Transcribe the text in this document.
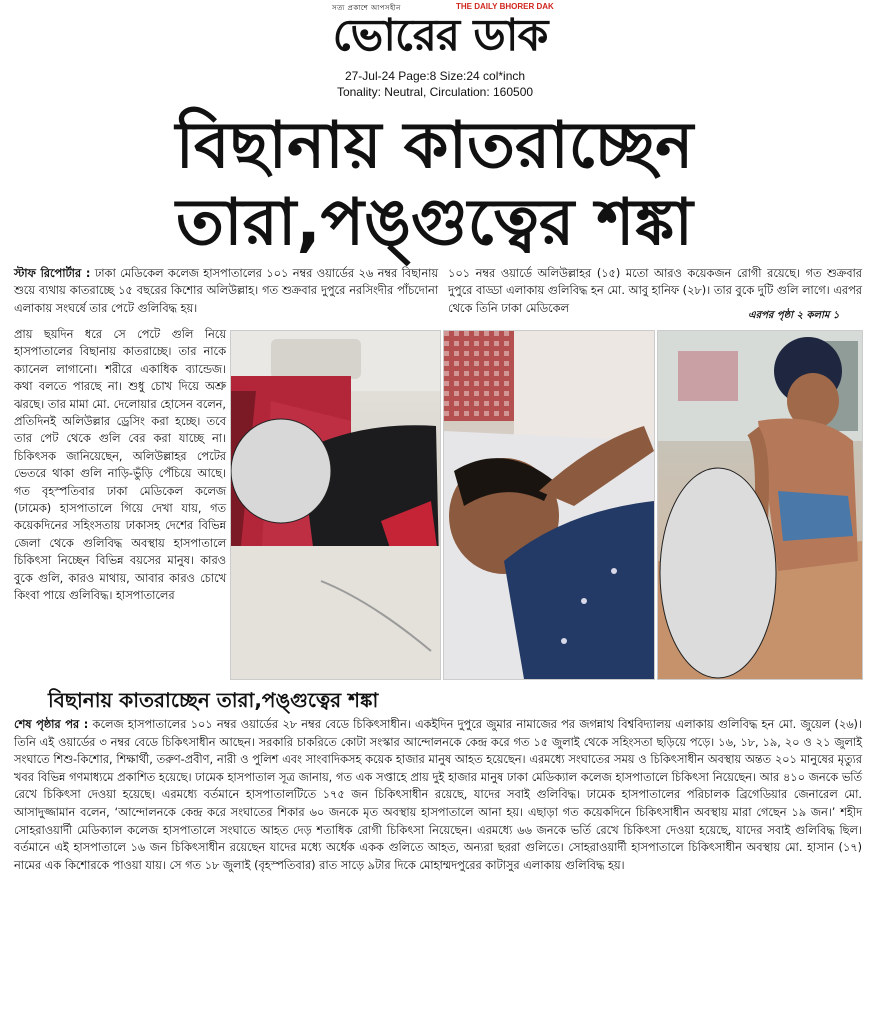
সত্য প্রকাশে আপসহীন	THE DAILY BHORER DAK
ভোরের ডাক
27-Jul-24 Page:8 Size:24 col*inch
Tonality: Neutral, Circulation: 160500
বিছানায় কাতরাচ্ছেন
তারা,পঙ্গুত্বের শঙ্কা
স্টাফ রিপোর্টার : ঢাকা মেডিকেল কলেজ হাসপাতালের ১০১ নম্বর ওয়ার্ডের ২৬ নম্বর বিছানায় শুয়ে ব্যথায় কাতরাচ্ছে ১৫ বছরের কিশোর অলিউল্লাহ। গত শুক্রবার দুপুরে নরসিংদীর পাঁচদোনা এলাকায় সংঘর্ষে তার পেটে গুলিবিদ্ধ হয়।
১০১ নম্বর ওয়ার্ডে অলিউল্লাহর (১৫) মতো আরও কয়েকজন রোগী রয়েছে। গত শুক্রবার দুপুরে বাড্ডা এলাকায় গুলিবিদ্ধ হন মো. আবু হানিফ (২৮)। তার বুকে দুটি গুলি লাগে। এরপর থেকে তিনি ঢাকা মেডিকেল
এরপর পৃষ্ঠা ২ কলাম ১
প্রায় ছয়দিন ধরে সে পেটে গুলি নিয়ে হাসপাতালের বিছানায় কাতরাচ্ছে। তার নাকে ক্যানেল লাগানো। শরীরে একাধিক ব্যান্ডেজ। কথা বলতে পারছে না। শুধু চোখ দিয়ে অশ্রু ঝরছে। তার মামা মো. দেলোয়ার হোসেন বলেন, প্রতিদিনই অলিউল্লার ড্রেসিং করা হচ্ছে। তবে তার পেট থেকে গুলি বের করা যাচ্ছে না। চিকিৎসক জানিয়েছেন, অলিউল্লাহর পেটের ভেতরে থাকা গুলি নাড়ি-ভুঁড়ি পেঁচিয়ে আছে। গত বৃহস্পতিবার ঢাকা মেডিকেল কলেজ (ঢামেক) হাসপাতালে গিয়ে দেখা যায়, গত কয়েকদিনের সহিংসতায় ঢাকাসহ দেশের বিভিন্ন জেলা থেকে গুলিবিদ্ধ অবস্থায় হাসপাতালে চিকিৎসা নিচ্ছেন বিভিন্ন বয়সের মানুষ। কারও বুকে গুলি, কারও মাথায়, আবার কারও চোখে কিংবা পায়ে গুলিবিদ্ধ। হাসপাতালের
বিছানায় কাতরাচ্ছেন তারা,পঙ্গুত্বের শঙ্কা
শেষ পৃষ্ঠার পর : কলেজ হাসপাতালের ১০১ নম্বর ওয়ার্ডের ২৮ নম্বর বেডে চিকিৎসাধীন। একইদিন দুপুরে জুমার নামাজের পর জগন্নাথ বিশ্ববিদ্যালয় এলাকায় গুলিবিদ্ধ হন মো. জুয়েল (২৬)। তিনি এই ওয়ার্ডের ৩ নম্বর বেডে চিকিৎসাধীন আছেন। সরকারি চাকরিতে কোটা সংস্কার আন্দোলনকে কেন্দ্র করে গত ১৫ জুলাই থেকে সহিংসতা ছড়িয়ে পড়ে। ১৬, ১৮, ১৯, ২০ ও ২১ জুলাই সংঘাতে শিশু-কিশোর, শিক্ষার্থী, তরুণ-প্রবীণ, নারী ও পুলিশ এবং সাংবাদিকসহ কয়েক হাজার মানুষ আহত হয়েছেন। এরমধ্যে সংঘাতের সময় ও চিকিৎসাধীন অবস্থায় অন্তত ২০১ মানুষের মৃত্যুর খবর বিভিন্ন গণমাধ্যমে প্রকাশিত হয়েছে। ঢামেক হাসপাতাল সূত্র জানায়, গত এক সপ্তাহে প্রায় দুই হাজার মানুষ ঢাকা মেডিক্যাল কলেজ হাসপাতালে চিকিৎসা নিয়েছেন। আর ৪১০ জনকে ভর্তি রেখে চিকিৎসা দেওয়া হয়েছে। এরমধ্যে বর্তমানে হাসপাতালটিতে ১৭৫ জন চিকিৎসাধীন রয়েছে, যাদের সবাই গুলিবিদ্ধ। ঢামেক হাসপাতালের পরিচালক ব্রিগেডিয়ার জেনারেল মো. আসাদুজ্জামান বলেন, ‘আন্দোলনকে কেন্দ্র করে সংঘাতের শিকার ৬০ জনকে মৃত অবস্থায় হাসপাতালে আনা হয়। এছাড়া গত কয়েকদিনে চিকিৎসাধীন অবস্থায় মারা গেছেন ১৯ জন।’ শহীদ সোহরাওয়ার্দী মেডিক্যাল কলেজ হাসপাতালে সংঘাতে আহত দেড় শতাধিক রোগী চিকিৎসা নিয়েছেন। এরমধ্যে ৬৬ জনকে ভর্তি রেখে চিকিৎসা দেওয়া হয়েছে, যাদের সবাই গুলিবিদ্ধ ছিল। বর্তমানে এই হাসপাতালে ১৬ জন চিকিৎসাধীন রয়েছেন যাদের মধ্যে অর্ধেক একক গুলিতে আহত, অন্যরা ছররা গুলিতে। সোহরাওয়ার্দী হাসপাতালে চিকিৎসাধীন অবস্থায় মো. হাসান (১৭) নামের এক কিশোরকে পাওয়া যায়। সে গত ১৮ জুলাই (বৃহস্পতিবার) রাত সাড়ে ৯টার দিকে মোহাম্মদপুরের কাটাসুর এলাকায় গুলিবিদ্ধ হয়।
